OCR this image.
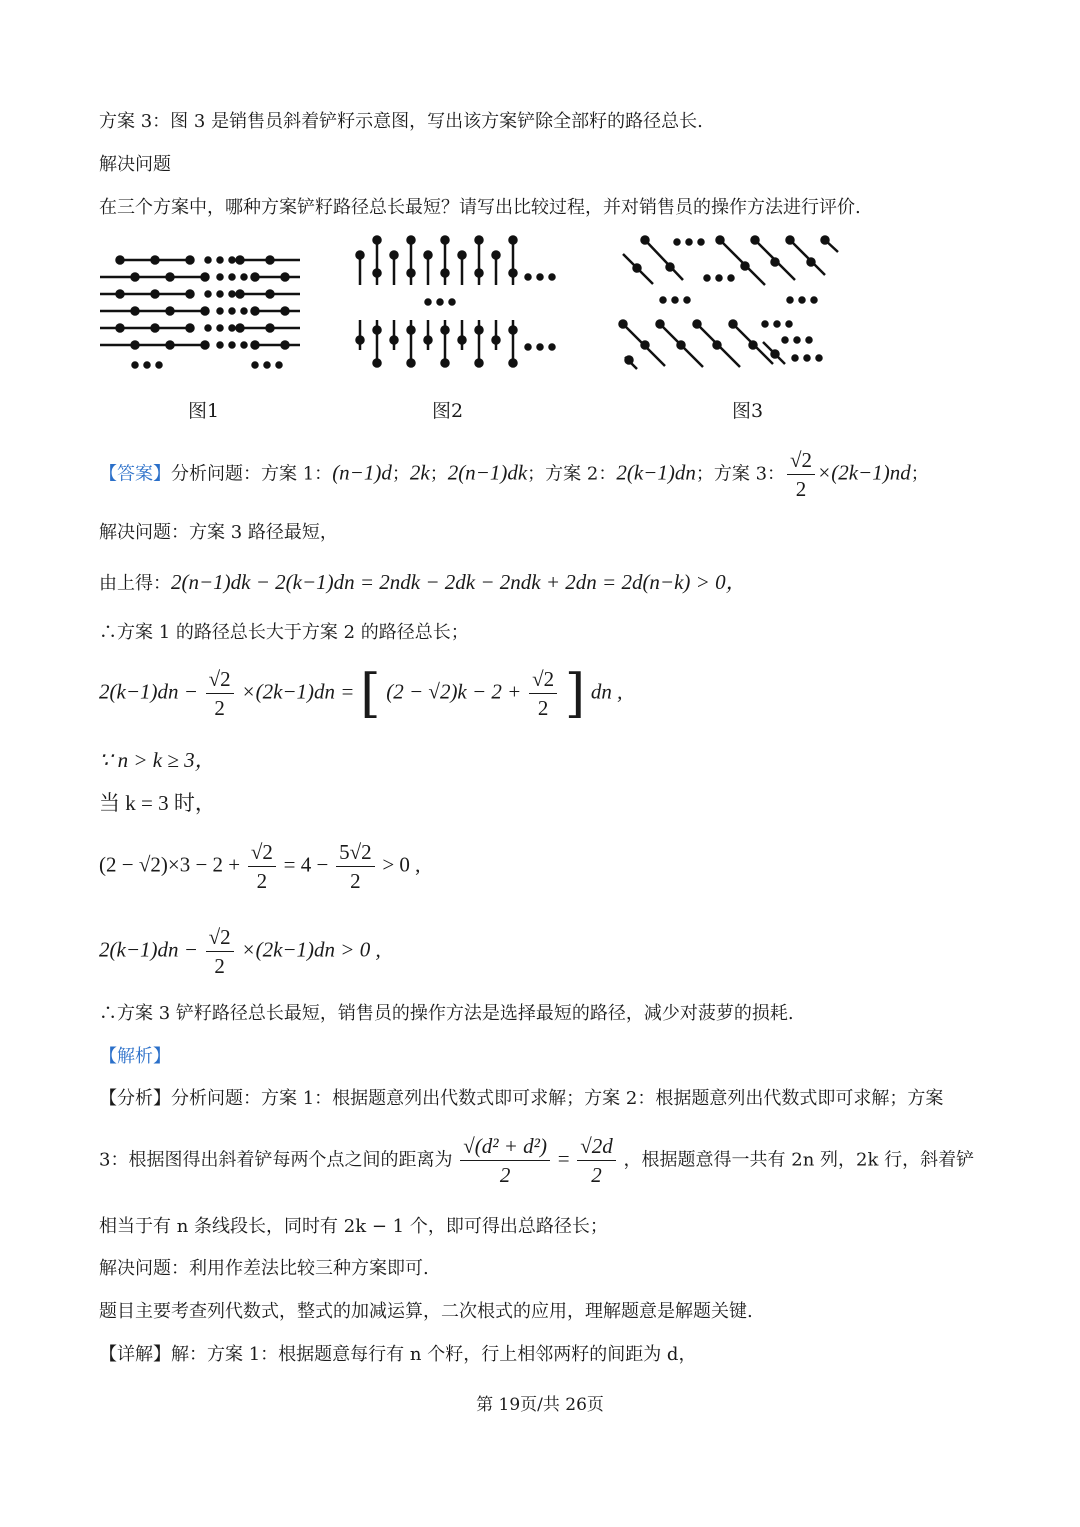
方案 3：图 3 是销售员斜着铲籽示意图，写出该方案铲除全部籽的路径总长.
解决问题
在三个方案中，哪种方案铲籽路径总长最短？请写出比较过程，并对销售员的操作方法进行评价.
图1	图2	图3
【答案】分析问题：方案 1：(n−1)d；2k；2(n−1)dk；方案 2：2(k−1)dn；方案 3： $\frac{√2}{2} \times(2k-1)nd$；
解决问题：方案 3 路径最短，
由上得：2(n−1)dk − 2(k−1)dn = 2ndk − 2dk − 2ndk + 2dn = 2d(n−k) > 0，
∴方案 1 的路径总长大于方案 2 的路径总长；
$2(k-1)dn - \frac{√2}{2} \times(2k-1)dn$ = [ $(2 - √2)k - 2 + \frac{√2}{2}$ ] dn ,
∵ n > k ≥ 3，
当 k = 3 时，
$(2 - √2)\times 3 - 2 + \frac{√2}{2} = 4 - \frac{5√2}{2} > 0$ ,
$2(k-1)dn - \frac{√2}{2} \times(2k-1)dn > 0$ ,
∴方案 3 铲籽路径总长最短，销售员的操作方法是选择最短的路径，减少对菠萝的损耗.
【解析】
【分析】分析问题：方案 1：根据题意列出代数式即可求解；方案 2：根据题意列出代数式即可求解；方案
3：根据图得出斜着铲每两个点之间的距离为 $\frac{\text{√(d² + d²)}}{2} = \frac{√2d}{2}$ ，根据题意得一共有 2n 列，2k 行，斜着铲
相当于有 n 条线段长，同时有 2k − 1 个，即可得出总路径长；
解决问题：利用作差法比较三种方案即可.
题目主要考查列代数式，整式的加减运算，二次根式的应用，理解题意是解题关键.
【详解】解：方案 1：根据题意每行有 n 个籽，行上相邻两籽的间距为 d，
第 19页/共 26页
